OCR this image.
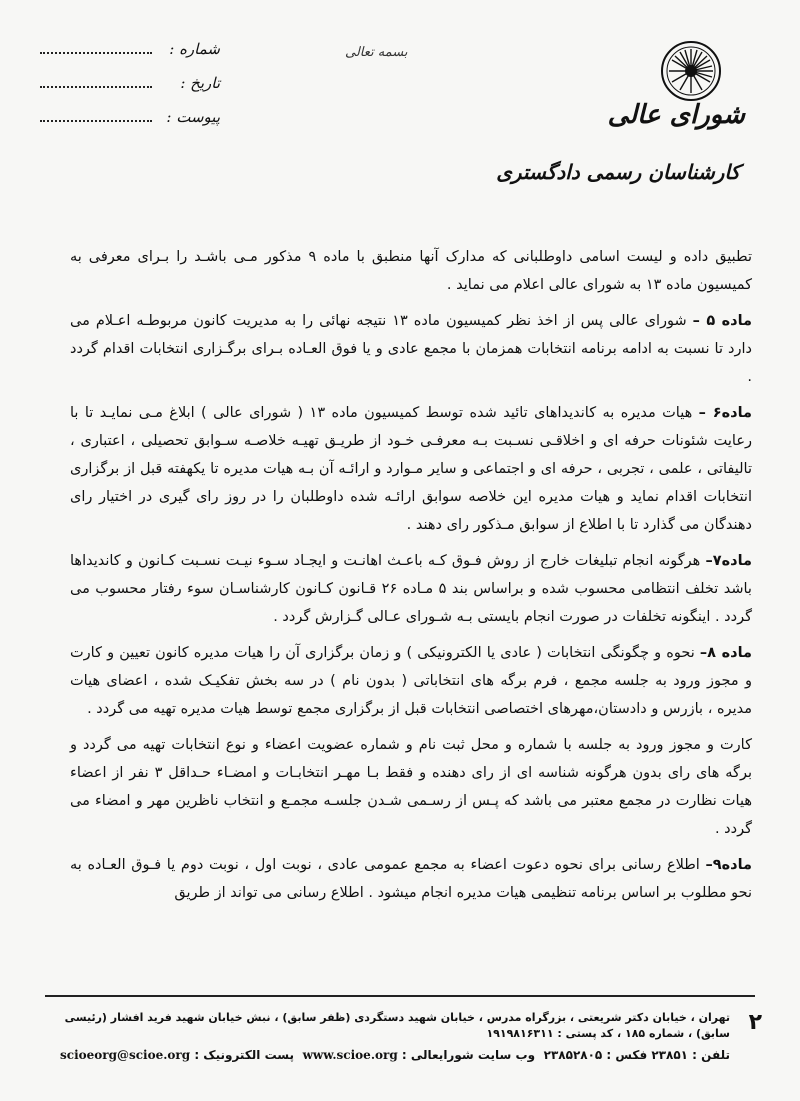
شماره :
تاریخ :
پیوست :
بسمه تعالی
شورای عالی
کارشناسان رسمی دادگستری

تطبیق داده و لیست اسامی داوطلبانی که مدارک آنها منطبق با ماده ۹ مذکور مـی باشـد را بـرای معرفی به کمیسیون ماده ۱۳ به شورای عالی اعلام می نماید .

ماده ۵ – شورای عالی پس از اخذ نظر کمیسیون ماده ۱۳ نتیجه نهائی را به مدیریت کانون مربوطـه اعـلام می دارد تا نسبت به ادامه برنامه انتخابات همزمان با مجمع عادی و یا فوق العـاده بـرای برگـزاری انتخابات اقدام گردد .

ماده۶ – هیات مدیره به کاندیداهای تائید شده توسط کمیسیون ماده ۱۳ ( شورای عالی ) ابلاغ مـی نمایـد تا با رعایت شئونات حرفه ای و اخلاقـی نسـبت بـه معرفـی خـود از طریـق تهیـه خلاصـه سـوابق تحصیلی ، اعتباری ، تالیفاتی ، علمی ، تجربی ، حرفه ای و اجتماعی و سایر مـوارد و ارائـه آن بـه هیات مدیره تا یکهفته قبل از برگزاری انتخابات اقدام نماید و هیات مدیره این خلاصه سوابق ارائـه شده داوطلبان را در روز رای گیری در اختیار رای دهندگان می گذارد تا با اطلاع از سوابق مـذکور رای دهند .

ماده۷– هرگونه انجام تبلیغات خارج از روش فـوق کـه باعـث اهانـت و ایجـاد سـوء نیـت نسـبت کـانون و کاندیداها باشد تخلف انتظامی محسوب شده و براساس بند ۵ مـاده ۲۶ قـانون کـانون کارشناسـان سوء رفتار محسوب می گردد . اینگونه تخلفات در صورت انجام بایستی بـه شـورای عـالی گـزارش گردد .

ماده ۸– نحوه و چگونگی انتخابات ( عادی یا الکترونیکی ) و زمان برگزاری آن را هیات مدیره کانون تعیین و کارت و مجوز ورود به جلسه مجمع ، فرم برگه های انتخاباتی ( بدون نام ) در سه بخش تفکیـک شده ، اعضای هیات مدیره ، بازرس و دادستان،مهرهای اختصاصی انتخابات قبل از برگزاری مجمع توسط هیات مدیره تهیه می گردد .

کارت و مجوز ورود به جلسه با شماره و محل ثبت نام و شماره عضویت اعضاء و نوع انتخابات تهیه می گردد و برگه های رای بدون هرگونه شناسه ای از رای دهنده و فقط بـا مهـر انتخابـات و امضـاء حـداقل ۳ نفر از اعضاء هیات نظارت در مجمع معتبر می باشد که پـس از رسـمی شـدن جلسـه مجمـع و انتخاب ناظرین مهر و امضاء می گردد .

ماده۹– اطلاع رسانی برای نحوه دعوت اعضاء به مجمع عمومی عادی ، نوبت اول ، نوبت دوم یا فـوق العـاده به نحو مطلوب بر اساس برنامه تنظیمی هیات مدیره انجام میشود . اطلاع رسانی می تواند از طریق

۲
تهران ، خیابان دکتر شریعتی ، بزرگراه مدرس ، خیابان شهید دستگردی (ظفر سابق) ، نبش خیابان شهید فرید افشار (رئیسی سابق) ، شماره ۱۸۵ ، کد پستی : ۱۹۱۹۸۱۶۳۱۱
تلفن : ۲۳۸۵۱ فکس : ۲۳۸۵۲۸۰۵
وب سایت شورایعالی : www.scioe.org
پست الکترونیک : scioeorg@scioe.org
